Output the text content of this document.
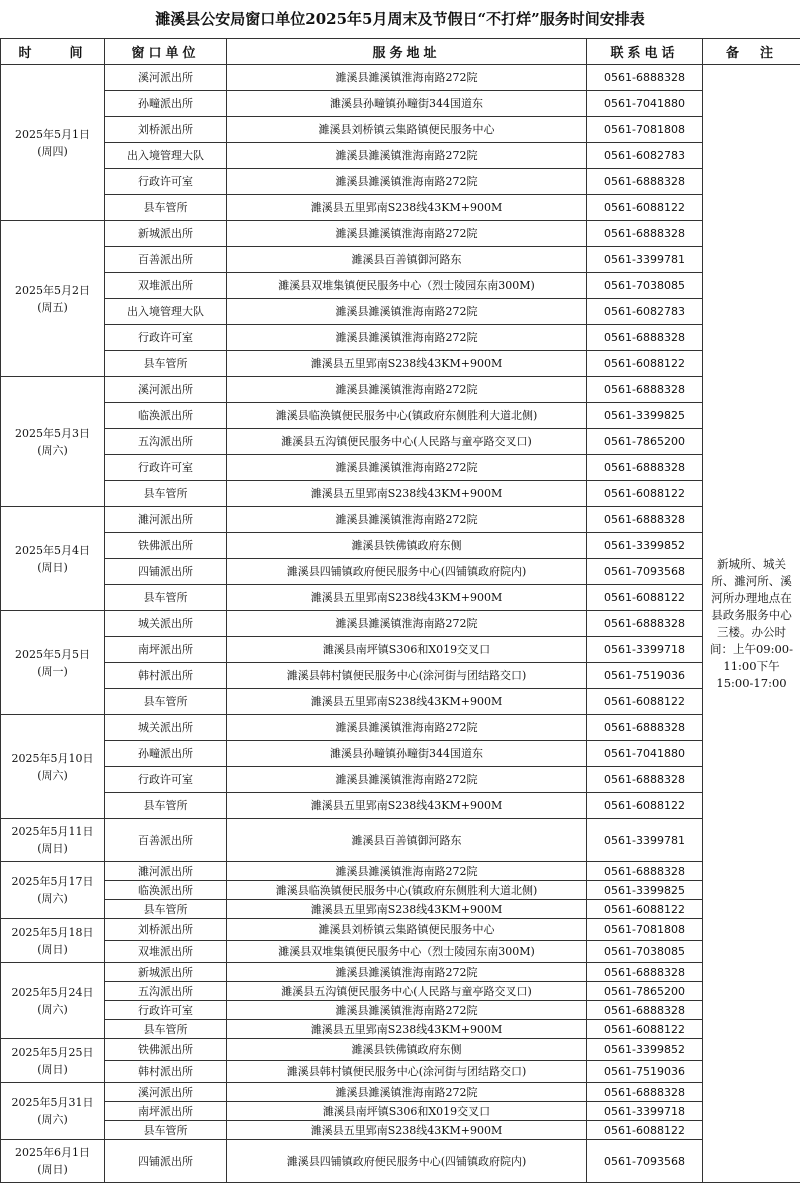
濉溪县公安局窗口单位2025年5月周末及节假日“不打烊”服务时间安排表
时　　间	窗口单位	服务地址	联系电话	备　注

2025年5月1日
(周四)	溪河派出所	濉溪县濉溪镇淮海南路272院	0561-6888328	新城所、城关所、濉河所、溪河所办理地点在县政务服务中心三楼。办公时间：上午09:00-11:00下午15:00-17:00
	孙疃派出所	濉溪县孙疃镇孙疃街344国道东	0561-7041880	
	刘桥派出所	濉溪县刘桥镇云集路镇便民服务中心	0561-7081808	
	出入境管理大队	濉溪县濉溪镇淮海南路272院	0561-6082783	
	行政许可室	濉溪县濉溪镇淮海南路272院	0561-6888328	
	县车管所	濉溪县五里郢南S238线43KM+900M	0561-6088122	

2025年5月2日
(周五)	新城派出所	濉溪县濉溪镇淮海南路272院	0561-6888328	
	百善派出所	濉溪县百善镇御河路东	0561-3399781	
	双堆派出所	濉溪县双堆集镇便民服务中心（烈士陵园东南300M)	0561-7038085	
	出入境管理大队	濉溪县濉溪镇淮海南路272院	0561-6082783	
	行政许可室	濉溪县濉溪镇淮海南路272院	0561-6888328	
	县车管所	濉溪县五里郢南S238线43KM+900M	0561-6088122	

2025年5月3日
(周六)	溪河派出所	濉溪县濉溪镇淮海南路272院	0561-6888328	
	临涣派出所	濉溪县临涣镇便民服务中心(镇政府东侧胜利大道北侧)	0561-3399825	
	五沟派出所	濉溪县五沟镇便民服务中心(人民路与童亭路交叉口)	0561-7865200	
	行政许可室	濉溪县濉溪镇淮海南路272院	0561-6888328	
	县车管所	濉溪县五里郢南S238线43KM+900M	0561-6088122	

2025年5月4日
(周日)	濉河派出所	濉溪县濉溪镇淮海南路272院	0561-6888328	
	铁佛派出所	濉溪县铁佛镇政府东侧	0561-3399852	
	四铺派出所	濉溪县四铺镇政府便民服务中心(四铺镇政府院内)	0561-7093568	
	县车管所	濉溪县五里郢南S238线43KM+900M	0561-6088122	

2025年5月5日
(周一)	城关派出所	濉溪县濉溪镇淮海南路272院	0561-6888328	
	南坪派出所	濉溪县南坪镇S306和X019交叉口	0561-3399718	
	韩村派出所	濉溪县韩村镇便民服务中心(涂河街与团结路交口)	0561-7519036	
	县车管所	濉溪县五里郢南S238线43KM+900M	0561-6088122	

2025年5月10日
(周六)	城关派出所	濉溪县濉溪镇淮海南路272院	0561-6888328	
	孙疃派出所	濉溪县孙疃镇孙疃街344国道东	0561-7041880	
	行政许可室	濉溪县濉溪镇淮海南路272院	0561-6888328	
	县车管所	濉溪县五里郢南S238线43KM+900M	0561-6088122	

2025年5月11日
(周日)	百善派出所	濉溪县百善镇御河路东	0561-3399781	

2025年5月17日
(周六)	濉河派出所	濉溪县濉溪镇淮海南路272院	0561-6888328	
	临涣派出所	濉溪县临涣镇便民服务中心(镇政府东侧胜利大道北侧)	0561-3399825	
	县车管所	濉溪县五里郢南S238线43KM+900M	0561-6088122	

2025年5月18日
(周日)	刘桥派出所	濉溪县刘桥镇云集路镇便民服务中心	0561-7081808	
	双堆派出所	濉溪县双堆集镇便民服务中心（烈士陵园东南300M)	0561-7038085	

2025年5月24日
(周六)	新城派出所	濉溪县濉溪镇淮海南路272院	0561-6888328	
	五沟派出所	濉溪县五沟镇便民服务中心(人民路与童亭路交叉口)	0561-7865200	
	行政许可室	濉溪县濉溪镇淮海南路272院	0561-6888328	
	县车管所	濉溪县五里郢南S238线43KM+900M	0561-6088122	

2025年5月25日
(周日)	铁佛派出所	濉溪县铁佛镇政府东侧	0561-3399852	
	韩村派出所	濉溪县韩村镇便民服务中心(涂河街与团结路交口)	0561-7519036	

2025年5月31日
(周六)	溪河派出所	濉溪县濉溪镇淮海南路272院	0561-6888328	
	南坪派出所	濉溪县南坪镇S306和X019交叉口	0561-3399718	
	县车管所	濉溪县五里郢南S238线43KM+900M	0561-6088122	

2025年6月1日
(周日)	四铺派出所	濉溪县四铺镇政府便民服务中心(四铺镇政府院内)	0561-7093568	
